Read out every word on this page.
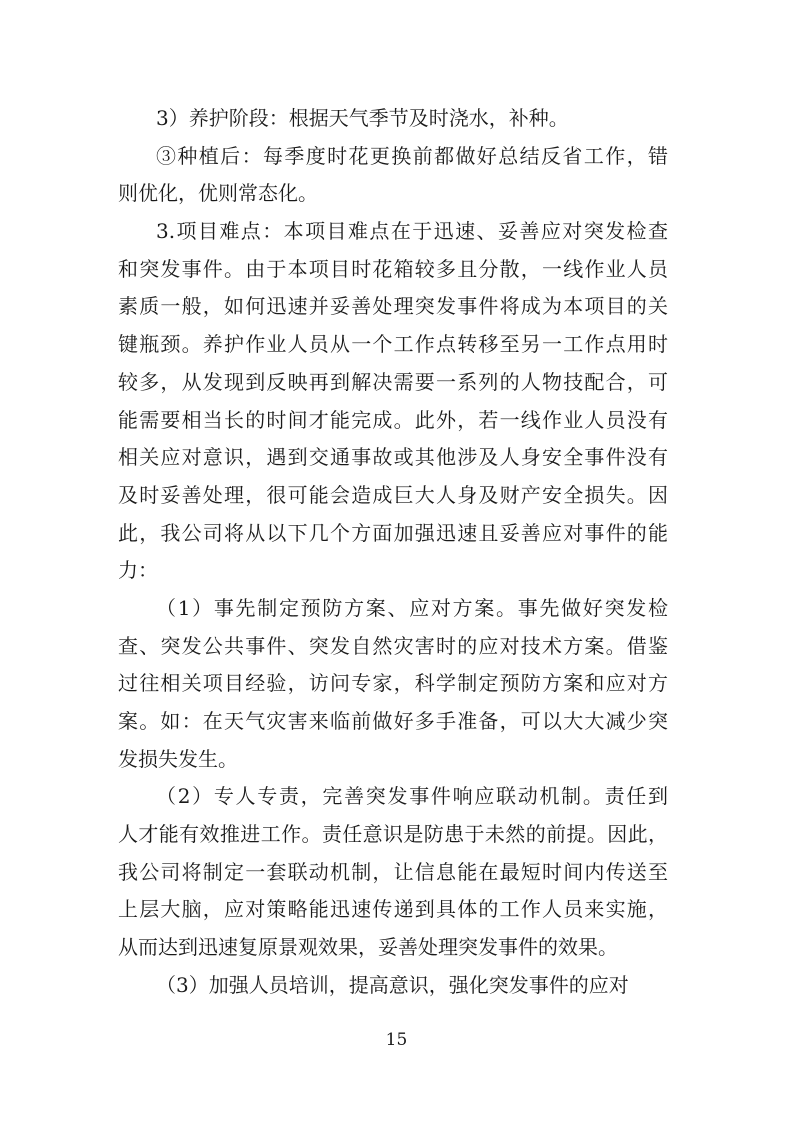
3）养护阶段：根据天气季节及时浇水，补种。
③种植后：每季度时花更换前都做好总结反省工作，错
则优化，优则常态化。
3.项目难点：本项目难点在于迅速、妥善应对突发检查
和突发事件。由于本项目时花箱较多且分散，一线作业人员
素质一般，如何迅速并妥善处理突发事件将成为本项目的关
键瓶颈。养护作业人员从一个工作点转移至另一工作点用时
较多，从发现到反映再到解决需要一系列的人物技配合，可
能需要相当长的时间才能完成。此外，若一线作业人员没有
相关应对意识，遇到交通事故或其他涉及人身安全事件没有
及时妥善处理，很可能会造成巨大人身及财产安全损失。因
此，我公司将从以下几个方面加强迅速且妥善应对事件的能
力：
（1）事先制定预防方案、应对方案。事先做好突发检
查、突发公共事件、突发自然灾害时的应对技术方案。借鉴
过往相关项目经验，访问专家，科学制定预防方案和应对方
案。如：在天气灾害来临前做好多手准备，可以大大减少突
发损失发生。
（2）专人专责，完善突发事件响应联动机制。责任到
人才能有效推进工作。责任意识是防患于未然的前提。因此，
我公司将制定一套联动机制，让信息能在最短时间内传送至
上层大脑，应对策略能迅速传递到具体的工作人员来实施，
从而达到迅速复原景观效果，妥善处理突发事件的效果。
（3）加强人员培训，提高意识，强化突发事件的应对
15
